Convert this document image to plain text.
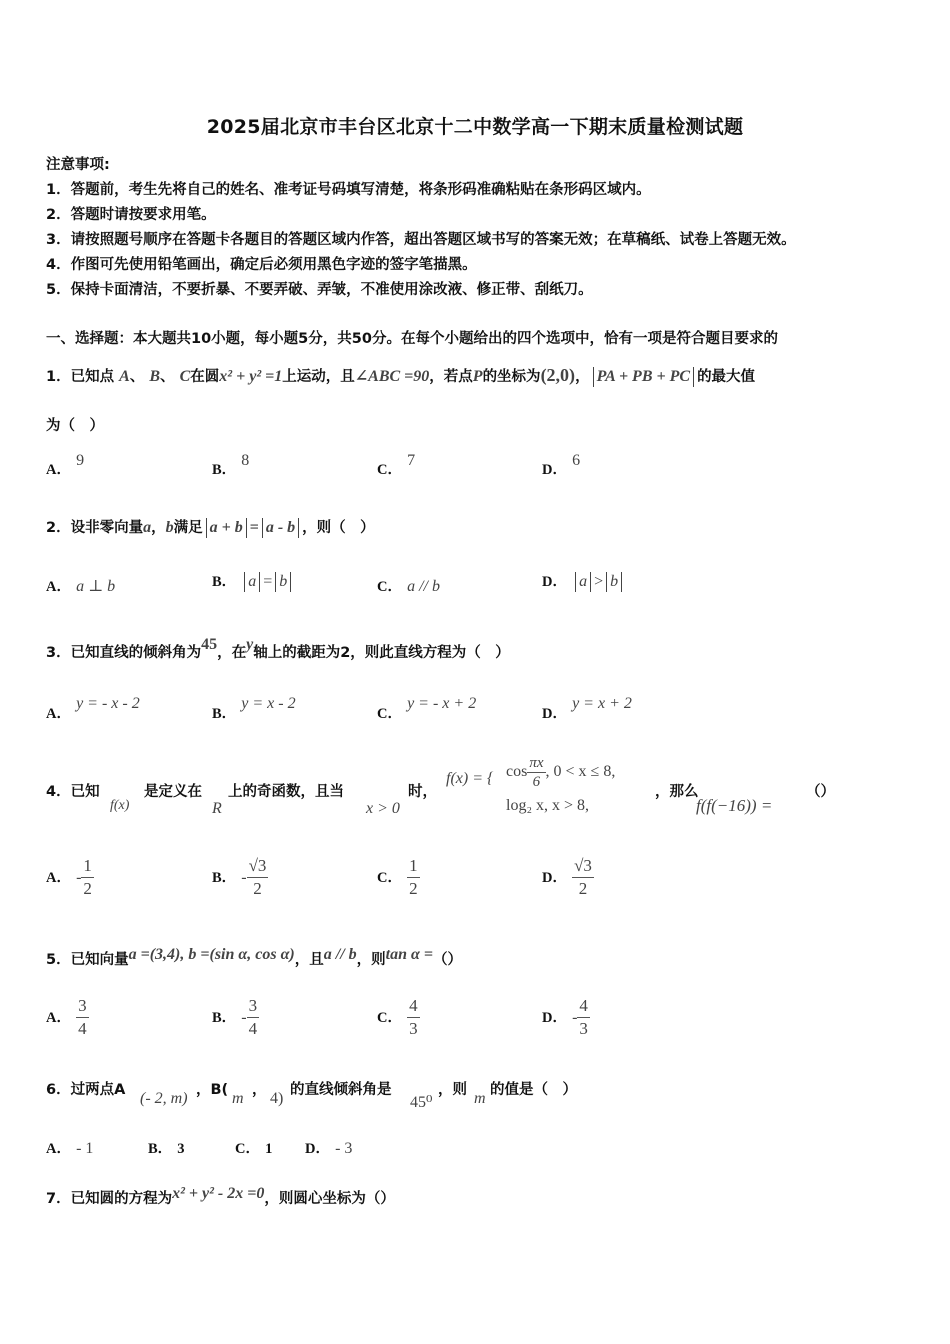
2025届北京市丰台区北京十二中数学高一下期末质量检测试题
注意事项:
1．答题前，考生先将自己的姓名、准考证号码填写清楚，将条形码准确粘贴在条形码区域内。
2．答题时请按要求用笔。
3．请按照题号顺序在答题卡各题目的答题区域内作答，超出答题区域书写的答案无效；在草稿纸、试卷上答题无效。
4．作图可先使用铅笔画出，确定后必须用黑色字迹的签字笔描黑。
5．保持卡面清洁，不要折暴、不要弄破、弄皱，不准使用涂改液、修正带、刮纸刀。
一、选择题：本大题共10小题，每小题5分，共50分。在每个小题给出的四个选项中，恰有一项是符合题目要求的
1．已知点 A、 B、 C在圆x² + y² =1上运动，且∠ABC =90，若点P的坐标为(2,0)， PA + PB + PC 的最大值
为（　）
A． 9
B． 8
C． 7
D． 6
2．设非零向量a，b满足 a + b = a - b ，则（　）
A． a ⊥ b	B． a = b	C． a // b	D． a > b
3．已知直线的倾斜角为45，在y轴上的截距为2，则此直线方程为（　）
A． y = - x - 2
B． y = x - 2
C． y = - x + 2
D． y = x + 2
4．已知
f(x)
是定义在
R
上的奇函数，且当
x > 0
时，
f(x) = { $\cos \frac{\pi x}{6}$ , 0 < x ≤ 8,
log₂ x, x > 8,
，那么
f(f(−16)) =
（）
A． - $\frac{1}{2}$	B． - $\frac{√3}{2}$	C． $\frac{1}{2}$	D． $\frac{√3}{2}$
5．已知向量a =(3,4), b =(sin α, cos α)，且a // b，则tan α =（）
A． $\frac{3}{4}$	B． - $\frac{3}{4}$	C． $\frac{4}{3}$	D． - $\frac{4}{3}$
6．过两点A (- 2, m) ，B( m ， 4) 的直线倾斜角是
45⁰
，则 m 的值是（　）
A． - 1	B． 3	C． 1 D． - 3
7．已知圆的方程为x² + y² - 2x =0，则圆心坐标为（）
